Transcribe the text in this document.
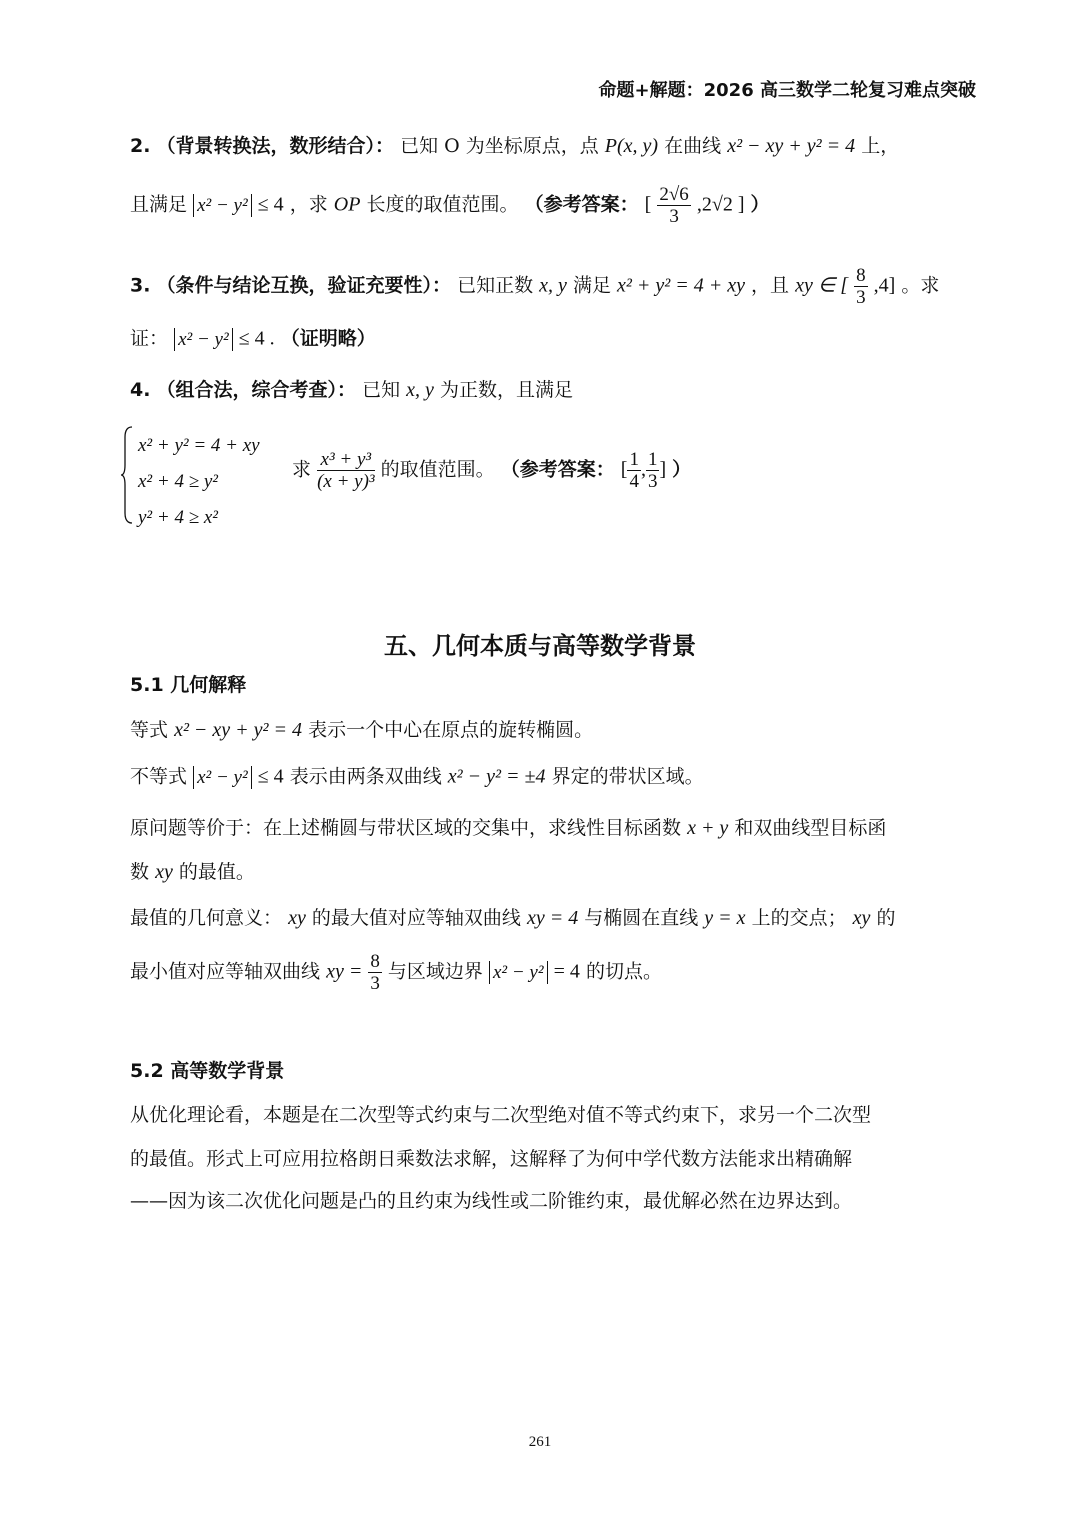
命题+解题：2026 高三数学二轮复习难点突破
2. （背景转换法，数形结合）： 已知 O 为坐标原点，点 P(x, y) 在曲线 x² − xy + y² = 4 上，
且满足 x² − y² ≤ 4 ，求 OP 长度的取值范围。 （参考答案： [ $\frac{2√6}{3} ,2√2$ ] ）
3. （条件与结论互换，验证充要性）： 已知正数 x, y 满足 x² + y² = 4 + xy ，且 xy ∈ [ $\frac{8}{3} ,4$] 。求
证： x² − y² ≤ 4 . （证明略）
4. （组合法，综合考查）： 已知 x, y 为正数，且满足
x² + y² = 4 + xy
x² + 4 ≥ y²
y² + 4 ≥ x²
求 $\frac{\text{x³ + y³}}{\text{(x + y)³}}$ 的取值范围。 （参考答案： [ $\frac{1}{4}$ , $\frac{1}{3}$ ] ）
五、几何本质与高等数学背景
5.1 几何解释
等式 x² − xy + y² = 4 表示一个中心在原点的旋转椭圆。
不等式 x² − y² ≤ 4 表示由两条双曲线 x² − y² = ±4 界定的带状区域。
原问题等价于：在上述椭圆与带状区域的交集中，求线性目标函数 x + y 和双曲线型目标函
数 xy 的最值。
最值的几何意义： xy 的最大值对应等轴双曲线 xy = 4 与椭圆在直线 y = x 上的交点； xy 的
最小值对应等轴双曲线 xy = $\frac{8}{3}$ 与区域边界 x² − y² = 4 的切点。
5.2 高等数学背景
从优化理论看，本题是在二次型等式约束与二次型绝对值不等式约束下，求另一个二次型
的最值。形式上可应用拉格朗日乘数法求解，这解释了为何中学代数方法能求出精确解
——因为该二次优化问题是凸的且约束为线性或二阶锥约束，最优解必然在边界达到。
261
